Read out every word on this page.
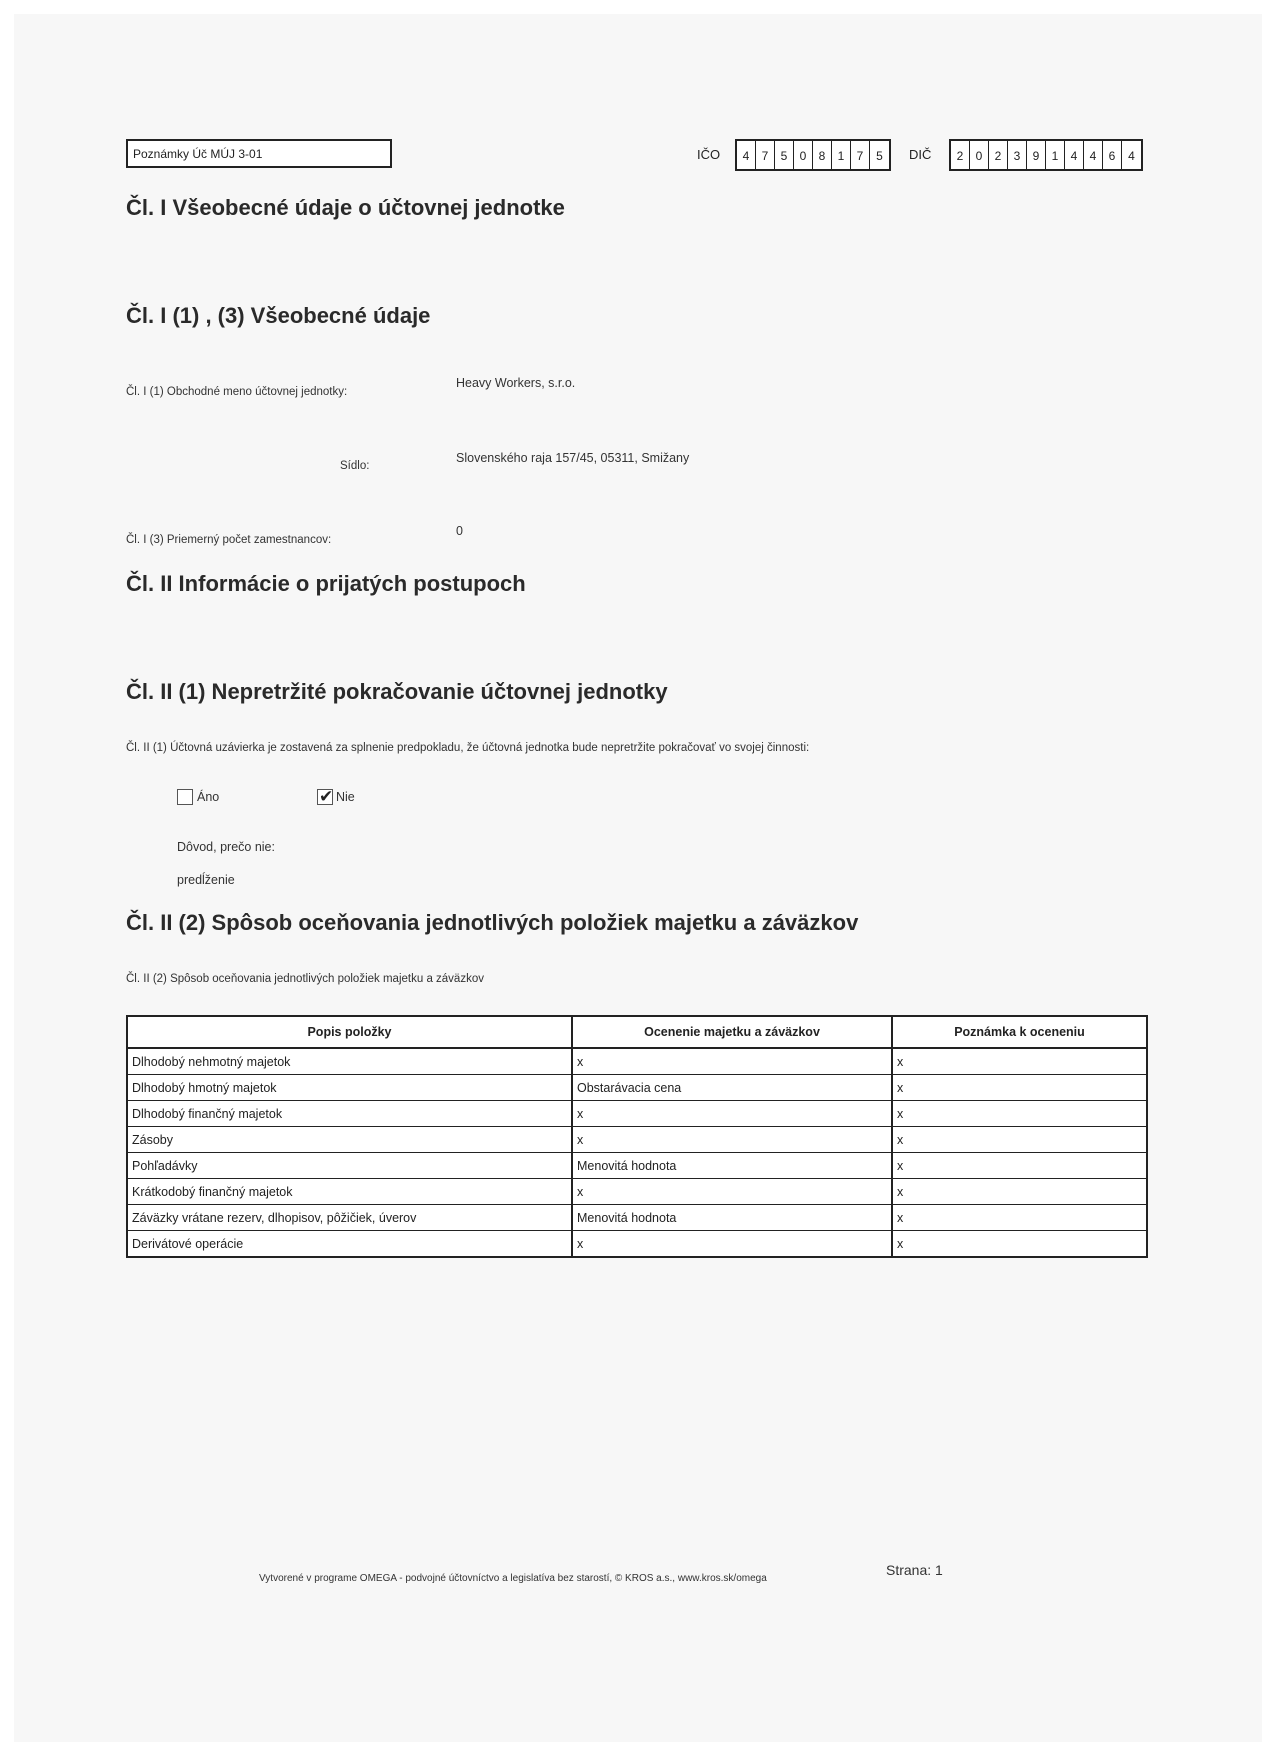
Poznámky Úč MÚJ 3-01	IČO	4	7	5	0	8	1	7	5	DIČ	2	0	2	3	9	1	4	4	6	4
Čl. I Všeobecné údaje o účtovnej jednotke
Čl. I (1) , (3) Všeobecné údaje
Čl. I (1) Obchodné meno účtovnej jednotky:
Heavy Workers, s.r.o.
Sídlo:
Slovenského raja 157/45, 05311, Smižany
Čl. I (3) Priemerný počet zamestnancov:
0
Čl. II Informácie o prijatých postupoch
Čl. II (1) Nepretržité pokračovanie účtovnej jednotky
Čl. II (1) Účtovná uzávierka je zostavená za splnenie predpokladu, že účtovná jednotka bude nepretržite pokračovať vo svojej činnosti:
Áno	✔ Nie
Dôvod, prečo nie:
predĺženie
Čl. II (2) Spôsob oceňovania jednotlivých položiek majetku a záväzkov
Čl. II (2) Spôsob oceňovania jednotlivých položiek majetku a záväzkov
Popis položky	Ocenenie majetku a záväzkov	Poznámka k oceneniu
Dlhodobý nehmotný majetok	x	x
Dlhodobý hmotný majetok	Obstarávacia cena	x
Dlhodobý finančný majetok	x	x
Zásoby	x	x
Pohľadávky	Menovitá hodnota	x
Krátkodobý finančný majetok	x	x
Záväzky vrátane rezerv, dlhopisov, pôžičiek, úverov	Menovitá hodnota	x
Derivátové operácie	x	x
Vytvorené v programe OMEGA - podvojné účtovníctvo a legislatíva bez starostí, © KROS a.s., www.kros.sk/omega
Strana: 1
